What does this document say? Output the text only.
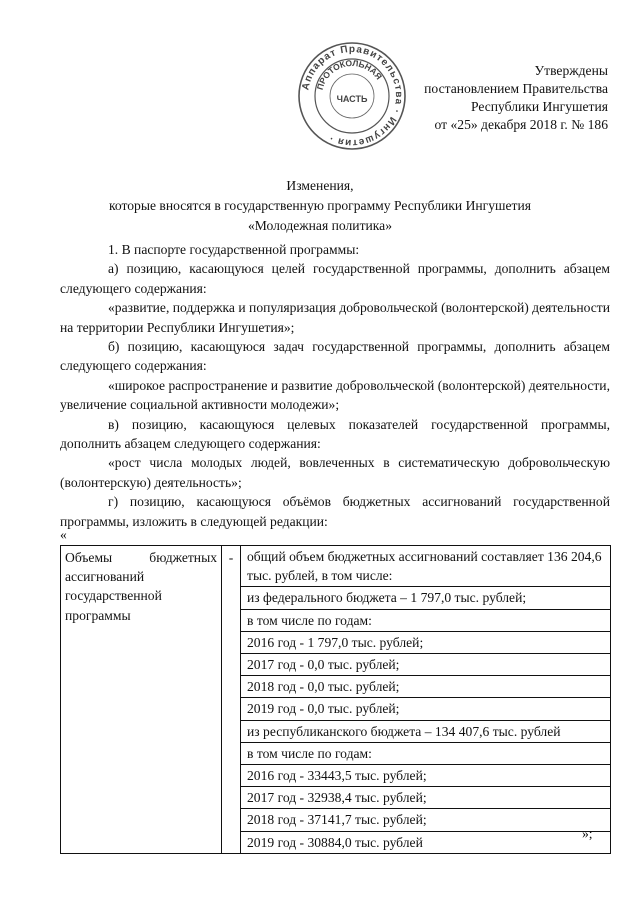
Аппарат Правительства · Ингушетия ·
ПРОТОКОЛЬНАЯ
ЧАСТЬ
Утверждены
постановлением Правительства
Республики Ингушетия
от «25» декабря 2018 г. № 186
Изменения,
которые вносятся в государственную программу Республики Ингушетия
«Молодежная политика»

1. В паспорте государственной программы:

а) позицию, касающуюся целей государственной программы, дополнить абзацем следующего содержания:

«развитие, поддержка и популяризация добровольческой (волонтерской) деятельности на территории Республики Ингушетия»;

б) позицию, касающуюся задач государственной программы, дополнить абзацем следующего содержания:

«широкое распространение и развитие добровольческой (волонтерской) деятельности, увеличение социальной активности молодежи»;

в) позицию, касающуюся целевых показателей государственной программы, дополнить абзацем следующего содержания:

«рост числа молодых людей, вовлеченных в систематическую добровольческую (волонтерскую) деятельность»;

г) позицию, касающуюся объёмов бюджетных ассигнований государственной программы, изложить в следующей редакции:

«
Объемы бюджетных ассигнований государственной программы	-	общий объем бюджетных ассигнований составляет 136 204,6 тыс. рублей, в том числе:
из федерального бюджета – 1 797,0 тыс. рублей;
в том числе по годам:
2016 год - 1 797,0 тыс. рублей;
2017 год - 0,0 тыс. рублей;
2018 год - 0,0 тыс. рублей;
2019 год - 0,0 тыс. рублей;
из республиканского бюджета – 134 407,6 тыс. рублей
в том числе по годам:
2016 год - 33443,5 тыс. рублей;
2017 год - 32938,4 тыс. рублей;
2018 год - 37141,7 тыс. рублей;
2019 год - 30884,0 тыс. рублей
»;
